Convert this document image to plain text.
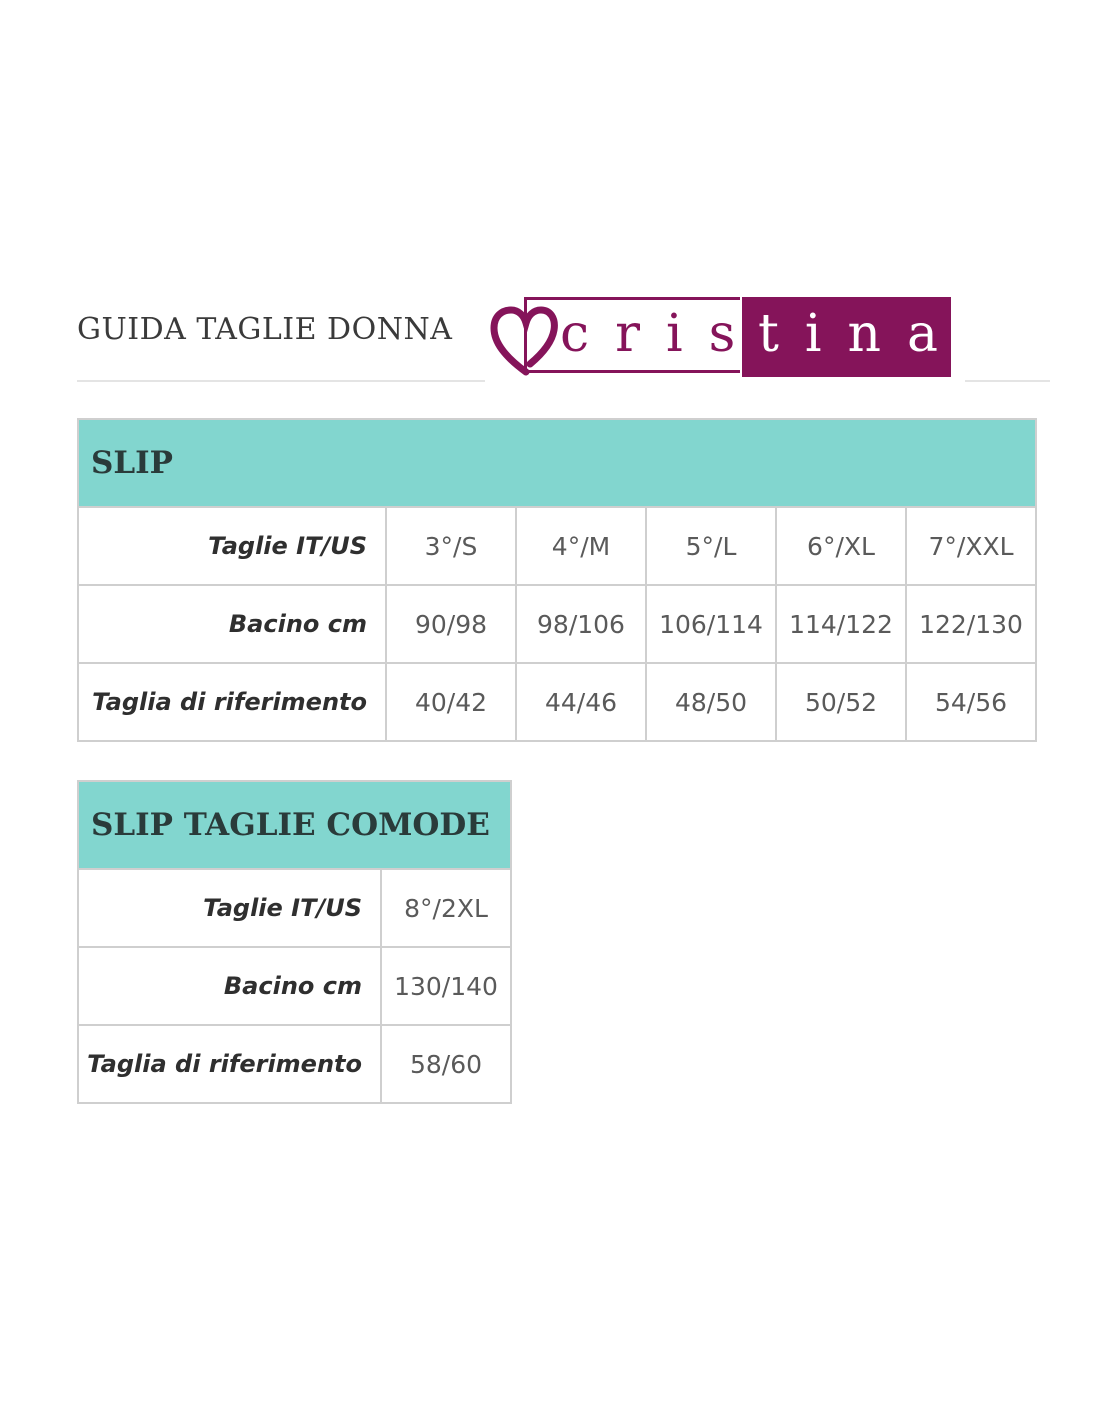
GUIDA TAGLIE DONNA cris
tina
SLIP					
Taglie IT/US	3°/S	4°/M	5°/L	6°/XL	7°/XXL
Bacino cm	90/98	98/106	106/114	114/122	122/130
Taglia di riferimento	40/42	44/46	48/50	50/52	54/56
SLIP TAGLIE COMODE	
Taglie IT/US	8°/2XL
Bacino cm	130/140
Taglia di riferimento	58/60
